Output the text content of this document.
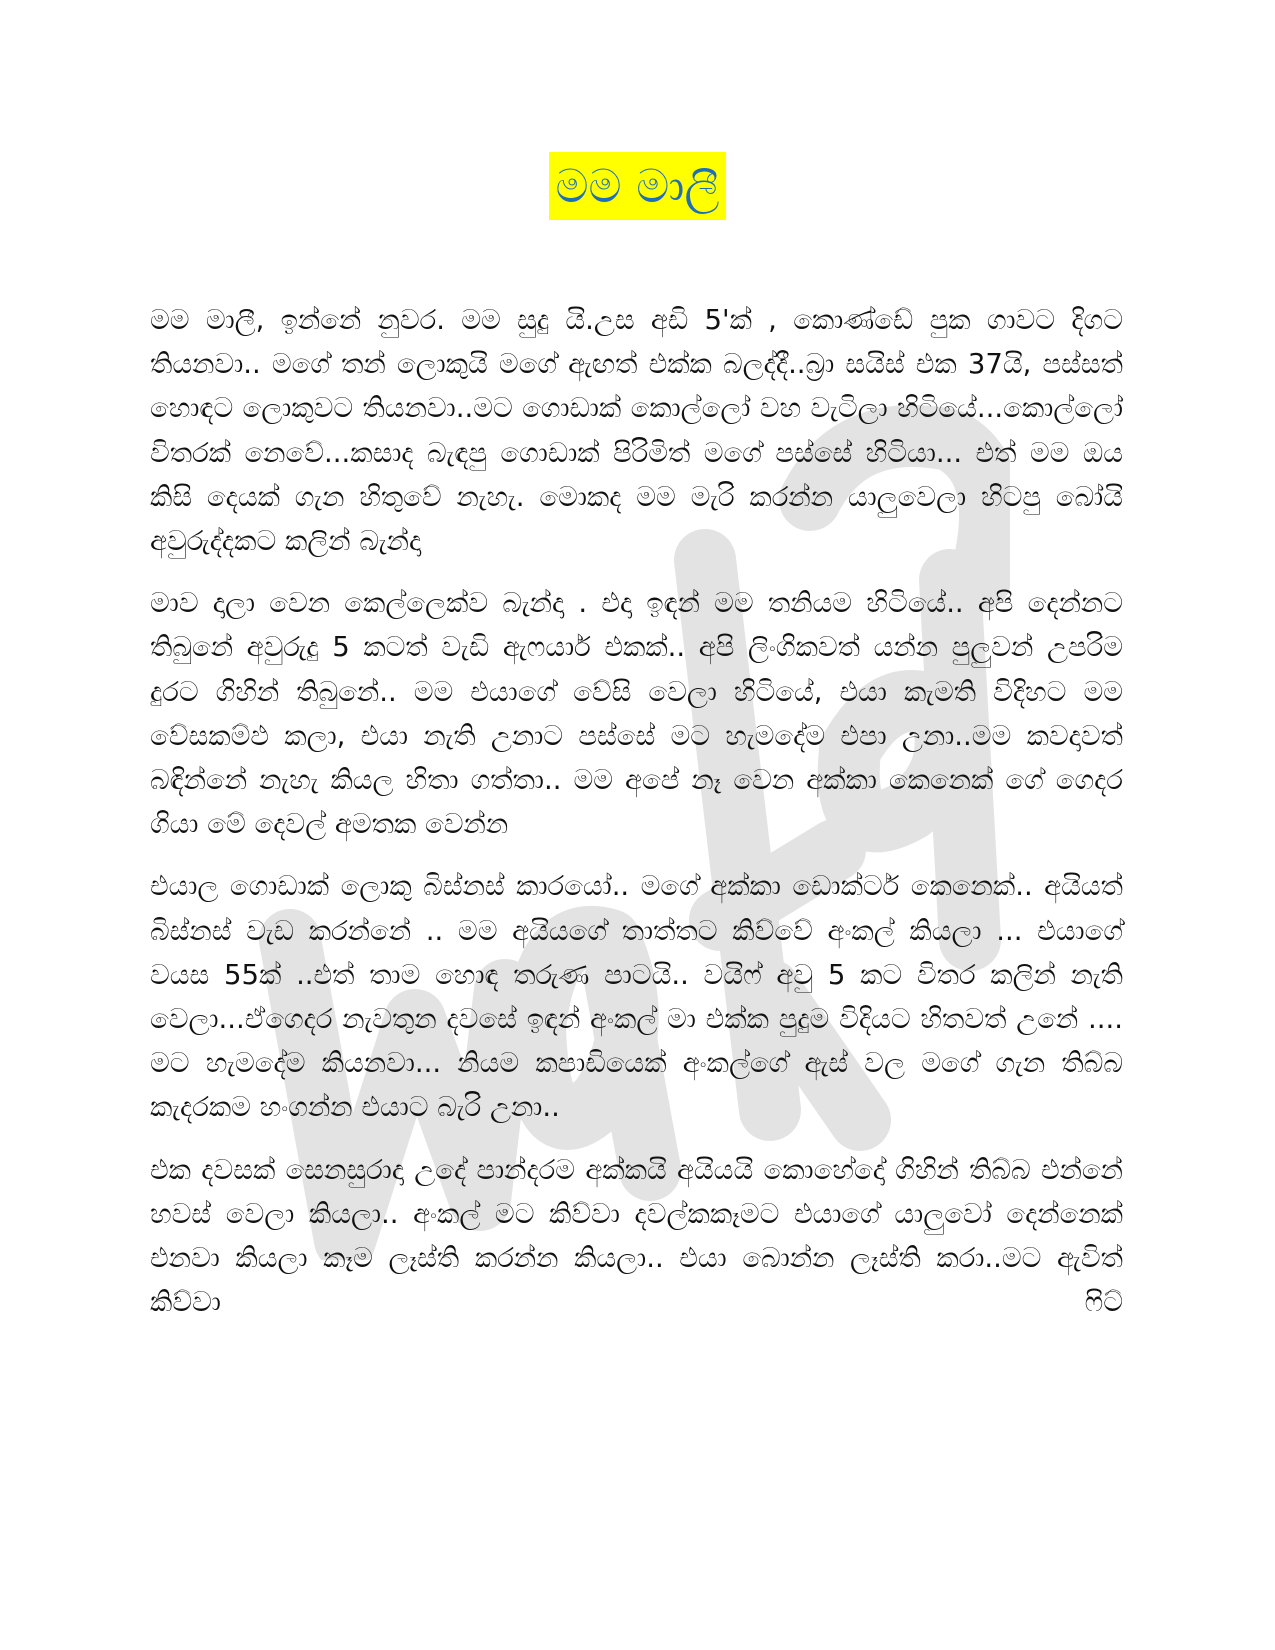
මම මාලී

මම මාලී, ඉන්නේ නුවර. මම සුදු යි.උස අඩි 5'ක් , කොණ්ඩේ පුක ගාවට දිගට තියනවා.. මගේ තන් ලොකුයි මගේ ඇඟත් එක්ක බලද්දී..බ්‍රා සයිස් එක 37යි, පස්සත් හොඳට ලොකුවට තියනවා..මට ගොඩාක් කොල්ලෝ වහ වැටිලා හිටියේ...කොල්ලෝ විතරක් නෙවේ...කසාද බැඳපු ගොඩාක් පිරිමිත් මගේ පස්සේ හිටියා... එත් මම ඔය කිසි දෙයක් ගැන හිතුවේ නැහැ. මොකද මම මැරි කරන්න යාලුවෙලා හිටපු බෝයි අවුරුද්දකට කලින් බැන්දා

මාව දාලා වෙන කෙල්ලෙක්ව බැන්දා . එදා ඉඳන් මම තනියම හිටියේ.. අපි දෙන්නට තිබුනේ අවුරුදු 5 කටත් වැඩි ඇෆයාර් එකක්.. අපි ලිංගිකවත් යන්න පුලුවන් උපරිම දුරට ගිහින් තිබුනේ.. මම එයාගේ වේසි වෙලා හිටියේ, එයා කැමති විදිහට මම වේසකම්ඵ කලා, එයා නැති උනාට පස්සේ මට හැමදේම එපා උනා..මම කවදාවත් බඳින්නේ නැහැ කියල හිතා ගත්තා.. මම අපේ නෑ වෙන අක්කා කෙනෙක් ගේ ගෙදර ගියා මේ දෙවල් අමතක වෙන්න

එයාල ගොඩාක් ලොකු බිස්නස් කාරයෝ.. මගේ අක්කා ඩොක්ටර් කෙනෙක්.. අයියත් බිස්නස් වැඩ කරන්නේ .. මම අයියගේ තාත්තට කිව්වේ අංකල් කියලා ... එයාගේ වයස 55ක් ..එත් තාම හොඳ තරුණ පාටයි.. වයිෆ් අවු 5 කට විතර කලින් නැති වෙලා...ඒගෙදර නැවතුන දවසේ ඉඳන් අංකල් මා එක්ක පුදුම විදියට හිතවත් උනේ .... මට හැමදේම කියනවා... නියම කපාඩියෙක් අංකල්ගේ ඇස් වල මගේ ගැන තිබ්බ කැදරකම හංගන්න එයාට බැරි උනා..

එක දවසක් සෙනසුරාදා උදේ පාන්දරම අක්කයි අයියයි කොහේදෝ ගිහින් තිබ්බ එන්නේ හවස් වෙලා කියලා.. අංකල් මට කිව්වා දවල්කකෑමට එයාගේ යාලුවෝ දෙන්නෙක් එනවා කියලා කෑම ලෑස්ති කරන්න කියලා.. එයා බොන්න ලෑස්ති කරා..මට ඇවිත් කිව්වා ෆිට්
